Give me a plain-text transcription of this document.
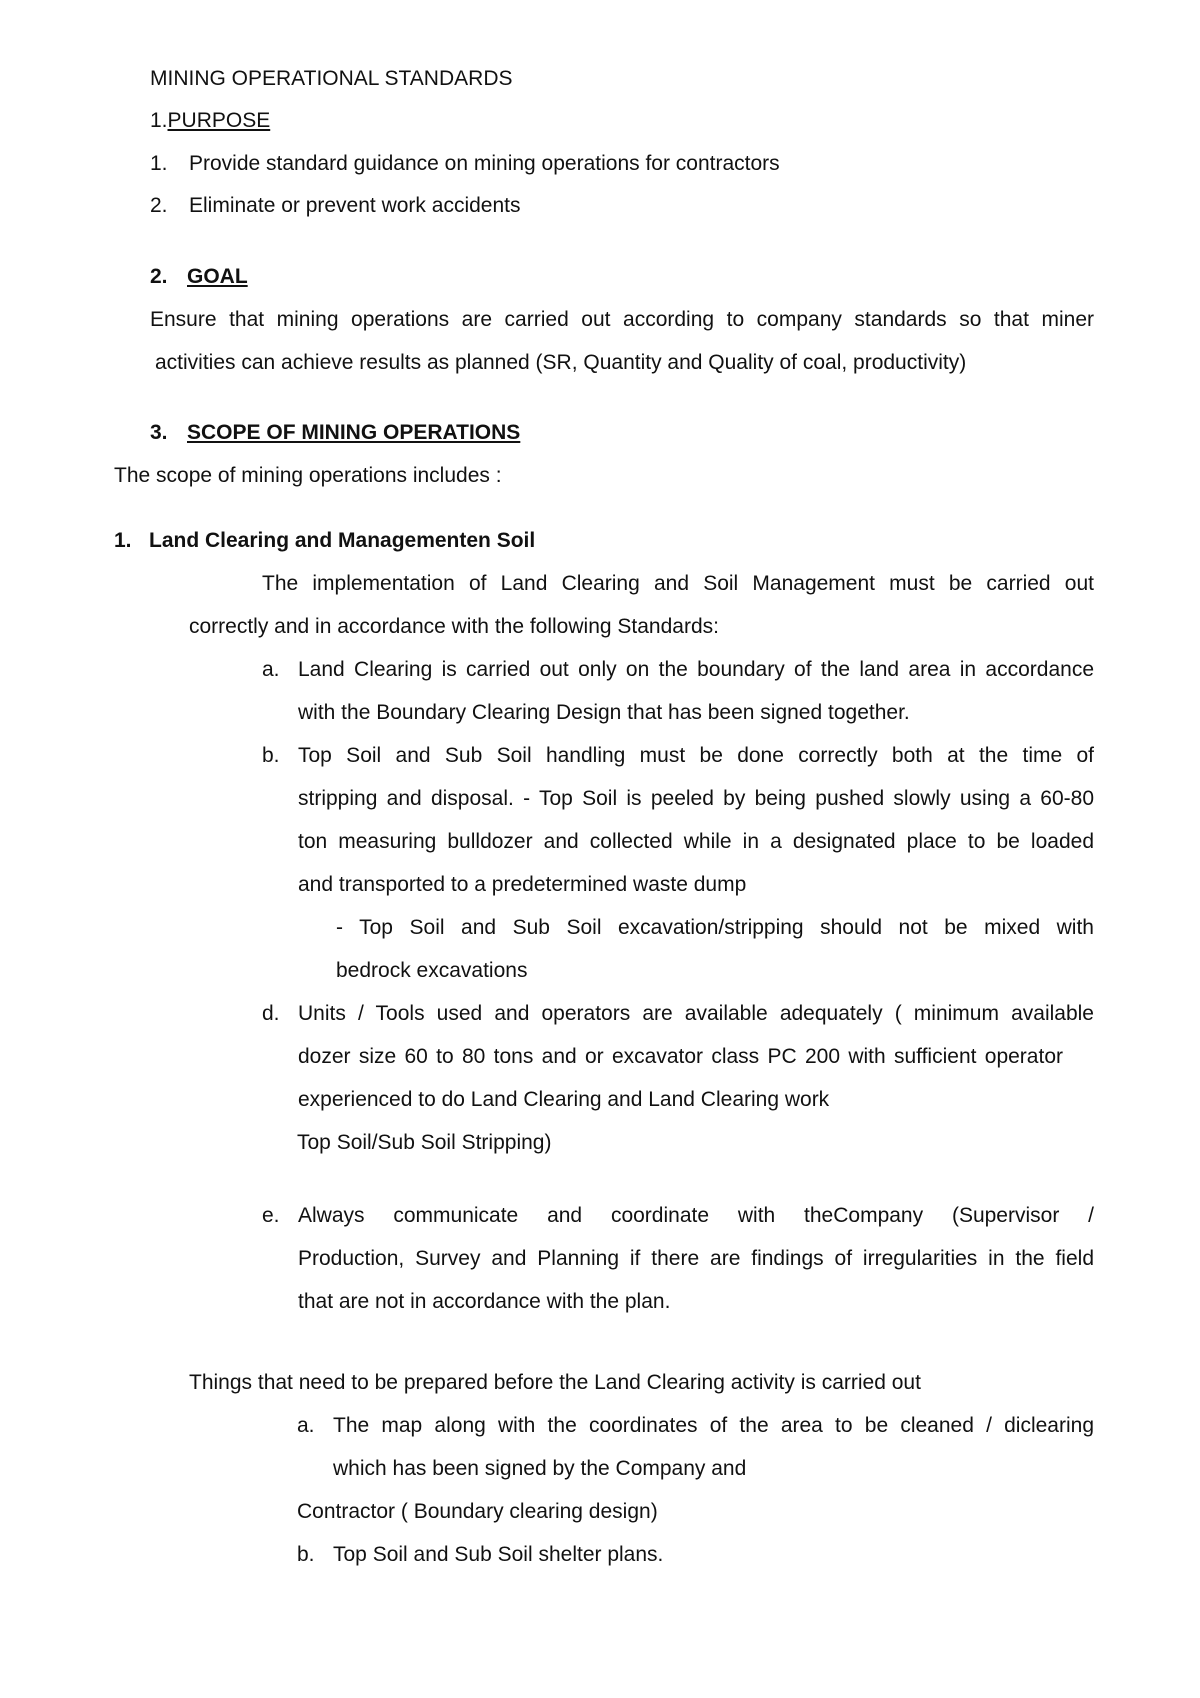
MINING OPERATIONAL STANDARDS
1.PURPOSE
1. Provide standard guidance on mining operations for contractors
2. Eliminate or prevent work accidents
2. GOAL
Ensure that mining operations are carried out according to company standards so that miner
activities can achieve results as planned (SR, Quantity and Quality of coal, productivity)
3. SCOPE OF MINING OPERATIONS
The scope of mining operations includes :
1. Land Clearing and Managementen Soil
The implementation of Land Clearing and Soil Management must be carried out
correctly and in accordance with the following Standards:
a. Land Clearing is carried out only on the boundary of the land area in accordance
with the Boundary Clearing Design that has been signed together.
b. Top Soil and Sub Soil handling must be done correctly both at the time of
stripping and disposal. - Top Soil is peeled by being pushed slowly using a 60-80
ton measuring bulldozer and collected while in a designated place to be loaded
and transported to a predetermined waste dump
- Top Soil and Sub Soil excavation/stripping should not be mixed with
bedrock excavations
d. Units / Tools used and operators are available adequately ( minimum available
dozer size 60 to 80 tons and or excavator class PC 200 with sufficient operator
experienced to do Land Clearing and Land Clearing work
Top Soil/Sub Soil Stripping)
e. Always communicate and coordinate with theCompany (Supervisor /
Production, Survey and Planning if there are findings of irregularities in the field
that are not in accordance with the plan.
Things that need to be prepared before the Land Clearing activity is carried out
a. The map along with the coordinates of the area to be cleaned / diclearing
which has been signed by the Company and
Contractor ( Boundary clearing design)
b. Top Soil and Sub Soil shelter plans.
